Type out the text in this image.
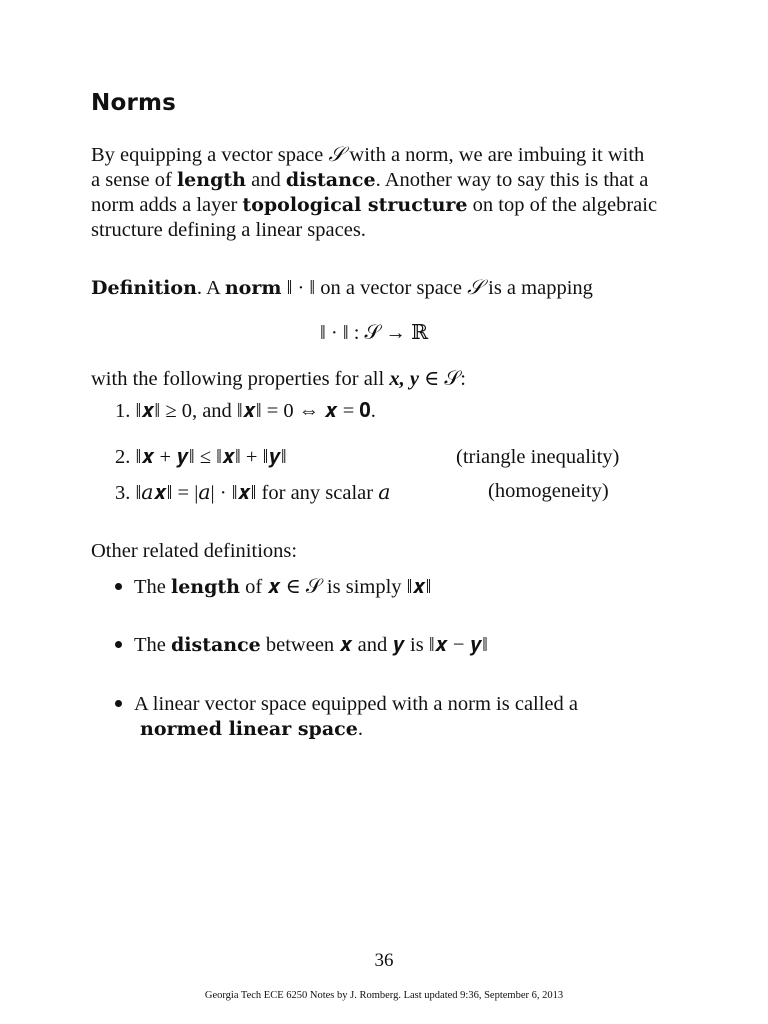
Norms
By equipping a vector space 𝒮 with a norm, we are imbuing it with
a sense of length and distance. Another way to say this is that a
norm adds a layer topological structure on top of the algebraic
structure defining a linear spaces.
Definition. A norm ‖ · ‖ on a vector space 𝒮 is a mapping
‖ · ‖ : 𝒮 → ℝ
with the following properties for all x, y ∈ 𝒮:
1. ‖𝒙‖ ≥ 0, and ‖𝒙‖ = 0 ⇔ 𝒙 = 𝟎.
2. ‖𝒙 + 𝒚‖ ≤ ‖𝒙‖ + ‖𝒚‖	(triangle inequality)
3. ‖𝑎𝒙‖ = |𝑎| · ‖𝒙‖ for any scalar 𝑎	(homogeneity)
Other related definitions:
The length of 𝒙 ∈ 𝒮 is simply ‖𝒙‖
The distance between 𝒙 and 𝒚 is ‖𝒙 − 𝒚‖
A linear vector space equipped with a norm is called a
normed linear space.
36
Georgia Tech ECE 6250 Notes by J. Romberg. Last updated 9:36, September 6, 2013
